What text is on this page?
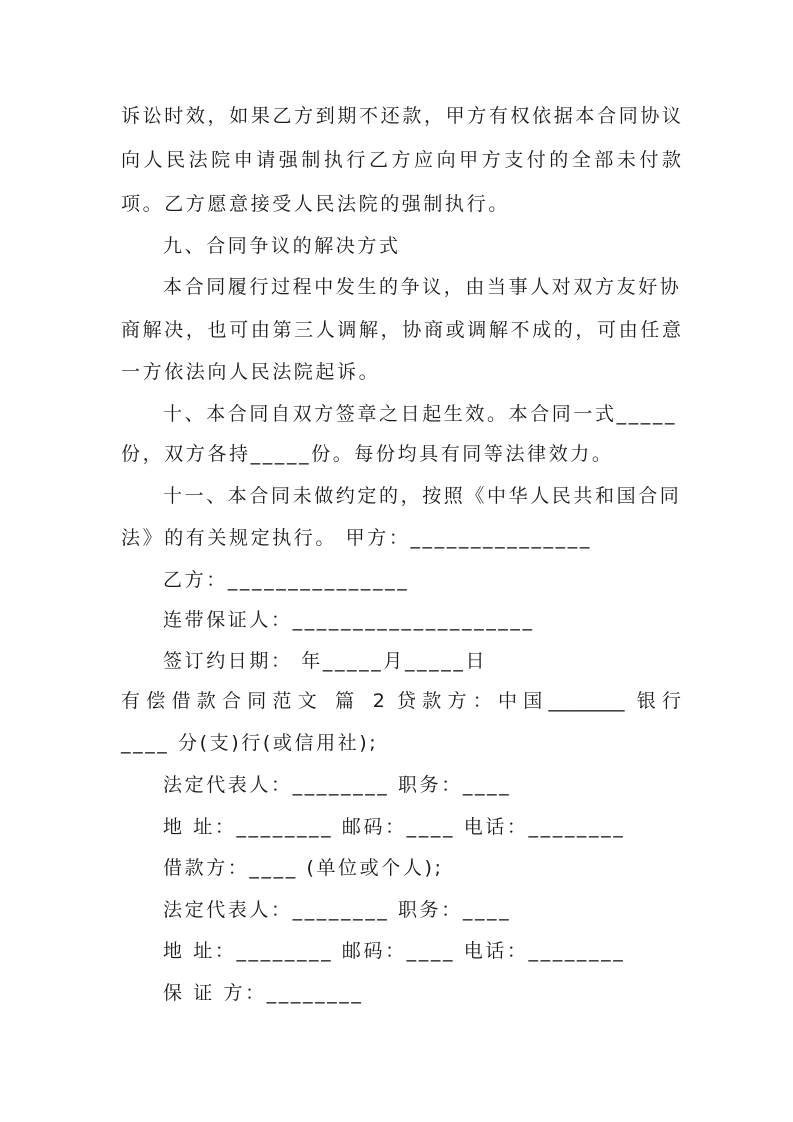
诉讼时效，如果乙方到期不还款，甲方有权依据本合同协议
向人民法院申请强制执行乙方应向甲方支付的全部未付款
项。乙方愿意接受人民法院的强制执行。
九、合同争议的解决方式
本合同履行过程中发生的争议，由当事人对双方友好协
商解决，也可由第三人调解，协商或调解不成的，可由任意
一方依法向人民法院起诉。
十、本合同自双方签章之日起生效。本合同一式_____
份，双方各持_____份。每份均具有同等法律效力。
十一、本合同未做约定的，按照《中华人民共和国合同
法》的有关规定执行。 甲方：_______________
乙方：_______________
连带保证人：____________________
签订约日期： 年_____月_____日
有偿借款合同范文 篇 2 贷款方：中国________ 银行
____ 分(支)行(或信用社);
法定代表人：________ 职务：____
地 址：________ 邮码：____ 电话：________
借款方：____ (单位或个人);
法定代表人：________ 职务：____
地 址：________ 邮码：____ 电话：________
保 证 方：________
